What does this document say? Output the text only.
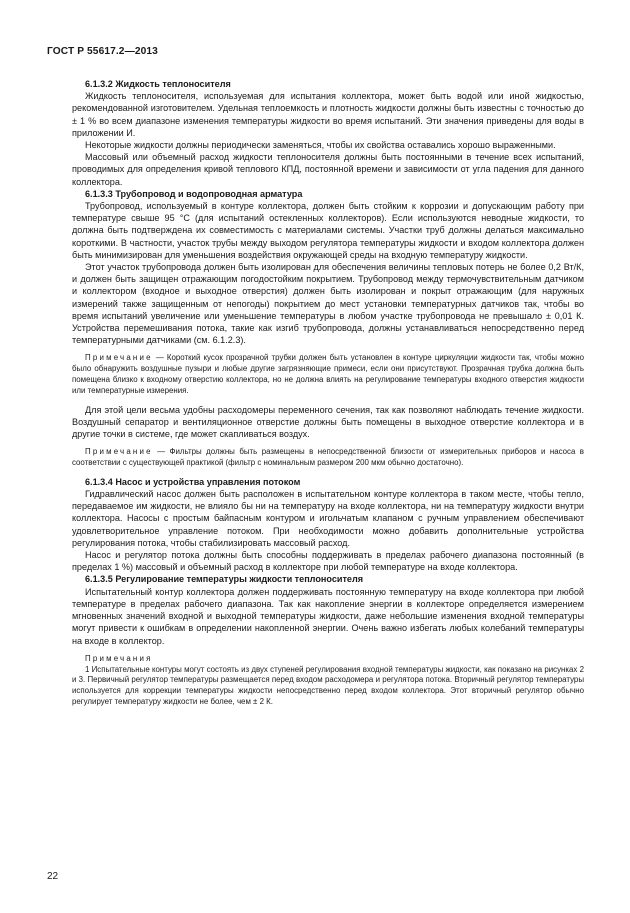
ГОСТ Р 55617.2—2013

6.1.3.2 Жидкость теплоносителя

Жидкость теплоносителя, используемая для испытания коллектора, может быть водой или иной жидкостью, рекомендованной изготовителем. Удельная теплоемкость и плотность жидкости должны быть известны с точностью до ± 1 % во всем диапазоне изменения температуры жидкости во время испытаний. Эти значения приведены для воды в приложении И.

Некоторые жидкости должны периодически заменяться, чтобы их свойства оставались хорошо выраженными.

Массовый или объемный расход жидкости теплоносителя должны быть постоянными в течение всех испытаний, проводимых для определения кривой теплового КПД, постоянной времени и зависимости от угла падения для данного коллектора.

6.1.3.3 Трубопровод и водопроводная арматура

Трубопровод, используемый в контуре коллектора, должен быть стойким к коррозии и допускающим работу при температуре свыше 95 °С (для испытаний остекленных коллекторов). Если используются неводные жидкости, то должна быть подтверждена их совместимость с материалами системы. Участки труб должны делаться максимально короткими. В частности, участок трубы между выходом регулятора температуры жидкости и входом коллектора должен быть минимизирован для уменьшения воздействия окружающей среды на входную температуру жидкости.

Этот участок трубопровода должен быть изолирован для обеспечения величины тепловых потерь не более 0,2 Вт/К, и должен быть защищен отражающим погодостойким покрытием. Трубопровод между термочувствительным датчиком и коллектором (входное и выходное отверстия) должен быть изолирован и покрыт отражающим (для наружных измерений также защищенным от непогоды) покрытием до мест установки температурных датчиков так, чтобы во время испытаний увеличение или уменьшение температуры в любом участке трубопровода не превышало ± 0,01 К. Устройства перемешивания потока, такие как изгиб трубопровода, должны устанавливаться непосредственно перед температурными датчиками (см. 6.1.2.3).

Примечание — Короткий кусок прозрачной трубки должен быть установлен в контуре циркуляции жидкости так, чтобы можно было обнаружить воздушные пузыри и любые другие загрязняющие примеси, если они присутствуют. Прозрачная трубка должна быть помещена близко к входному отверстию коллектора, но не должна влиять на регулирование температуры входного отверстия жидкости или температурные измерения.

Для этой цели весьма удобны расходомеры переменного сечения, так как позволяют наблюдать течение жидкости. Воздушный сепаратор и вентиляционное отверстие должны быть помещены в выходное отверстие коллектора и в другие точки в системе, где может скапливаться воздух.

Примечание — Фильтры должны быть размещены в непосредственной близости от измерительных приборов и насоса в соответствии с существующей практикой (фильтр с номинальным размером 200 мкм обычно достаточно).

6.1.3.4 Насос и устройства управления потоком

Гидравлический насос должен быть расположен в испытательном контуре коллектора в таком месте, чтобы тепло, передаваемое им жидкости, не влияло бы ни на температуру на входе коллектора, ни на температуру жидкости внутри коллектора. Насосы с простым байпасным контуром и игольчатым клапаном с ручным управлением обеспечивают удовлетворительное управление потоком. При необходимости можно добавить дополнительные устройства регулирования потока, чтобы стабилизировать массовый расход.

Насос и регулятор потока должны быть способны поддерживать в пределах рабочего диапазона постоянный (в пределах 1 %) массовый и объемный расход в коллекторе при любой температуре на входе коллектора.

6.1.3.5 Регулирование температуры жидкости теплоносителя

Испытательный контур коллектора должен поддерживать постоянную температуру на входе коллектора при любой температуре в пределах рабочего диапазона. Так как накопление энергии в коллекторе определяется измерением мгновенных значений входной и выходной температуры жидкости, даже небольшие изменения входной температуры могут привести к ошибкам в определении накопленной энергии. Очень важно избегать любых колебаний температуры на входе в коллектор.

Примечания

1 Испытательные контуры могут состоять из двух ступеней регулирования входной температуры жидкости, как показано на рисунках 2 и 3. Первичный регулятор температуры размещается перед входом расходомера и регулятора потока. Вторичный регулятор температуры используется для коррекции температуры жидкости непосредственно перед входом коллектора. Этот вторичный регулятор обычно регулирует температуру жидкости не более, чем ± 2 К.

22
